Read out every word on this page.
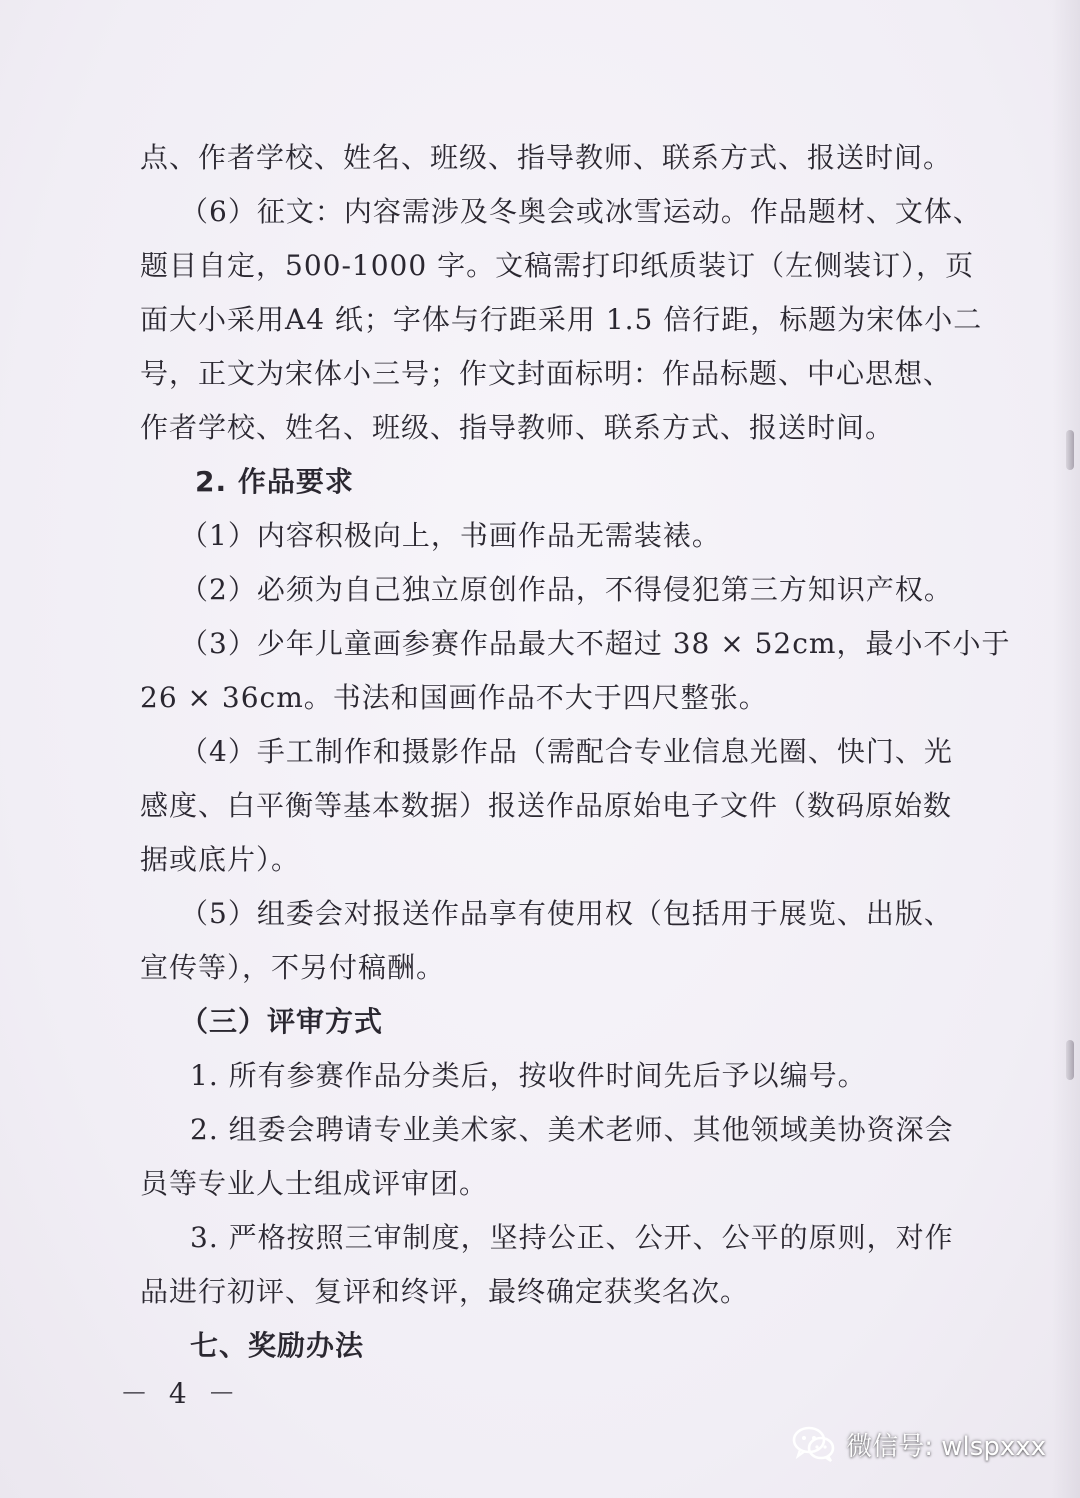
点、作者学校、姓名、班级、指导教师、联系方式、报送时间。
（6）征文：内容需涉及冬奥会或冰雪运动。作品题材、文体、
题目自定，500-1000 字。文稿需打印纸质装订（左侧装订），页
面大小采用A4 纸；字体与行距采用 1.5 倍行距，标题为宋体小二
号，正文为宋体小三号；作文封面标明：作品标题、中心思想、
作者学校、姓名、班级、指导教师、联系方式、报送时间。
2. 作品要求
（1）内容积极向上，书画作品无需装裱。
（2）必须为自己独立原创作品，不得侵犯第三方知识产权。
（3）少年儿童画参赛作品最大不超过 38 × 52cm，最小不小于
26 × 36cm。书法和国画作品不大于四尺整张。
（4）手工制作和摄影作品（需配合专业信息光圈、快门、光
感度、白平衡等基本数据）报送作品原始电子文件（数码原始数
据或底片）。
（5）组委会对报送作品享有使用权（包括用于展览、出版、
宣传等），不另付稿酬。
（三）评审方式
1. 所有参赛作品分类后，按收件时间先后予以编号。
2. 组委会聘请专业美术家、美术老师、其他领域美协资深会
员等专业人士组成评审团。
3. 严格按照三审制度，坚持公正、公开、公平的原则，对作
品进行初评、复评和终评，最终确定获奖名次。
七、奖励办法
－ 4 －
微信号: wlspxxx
